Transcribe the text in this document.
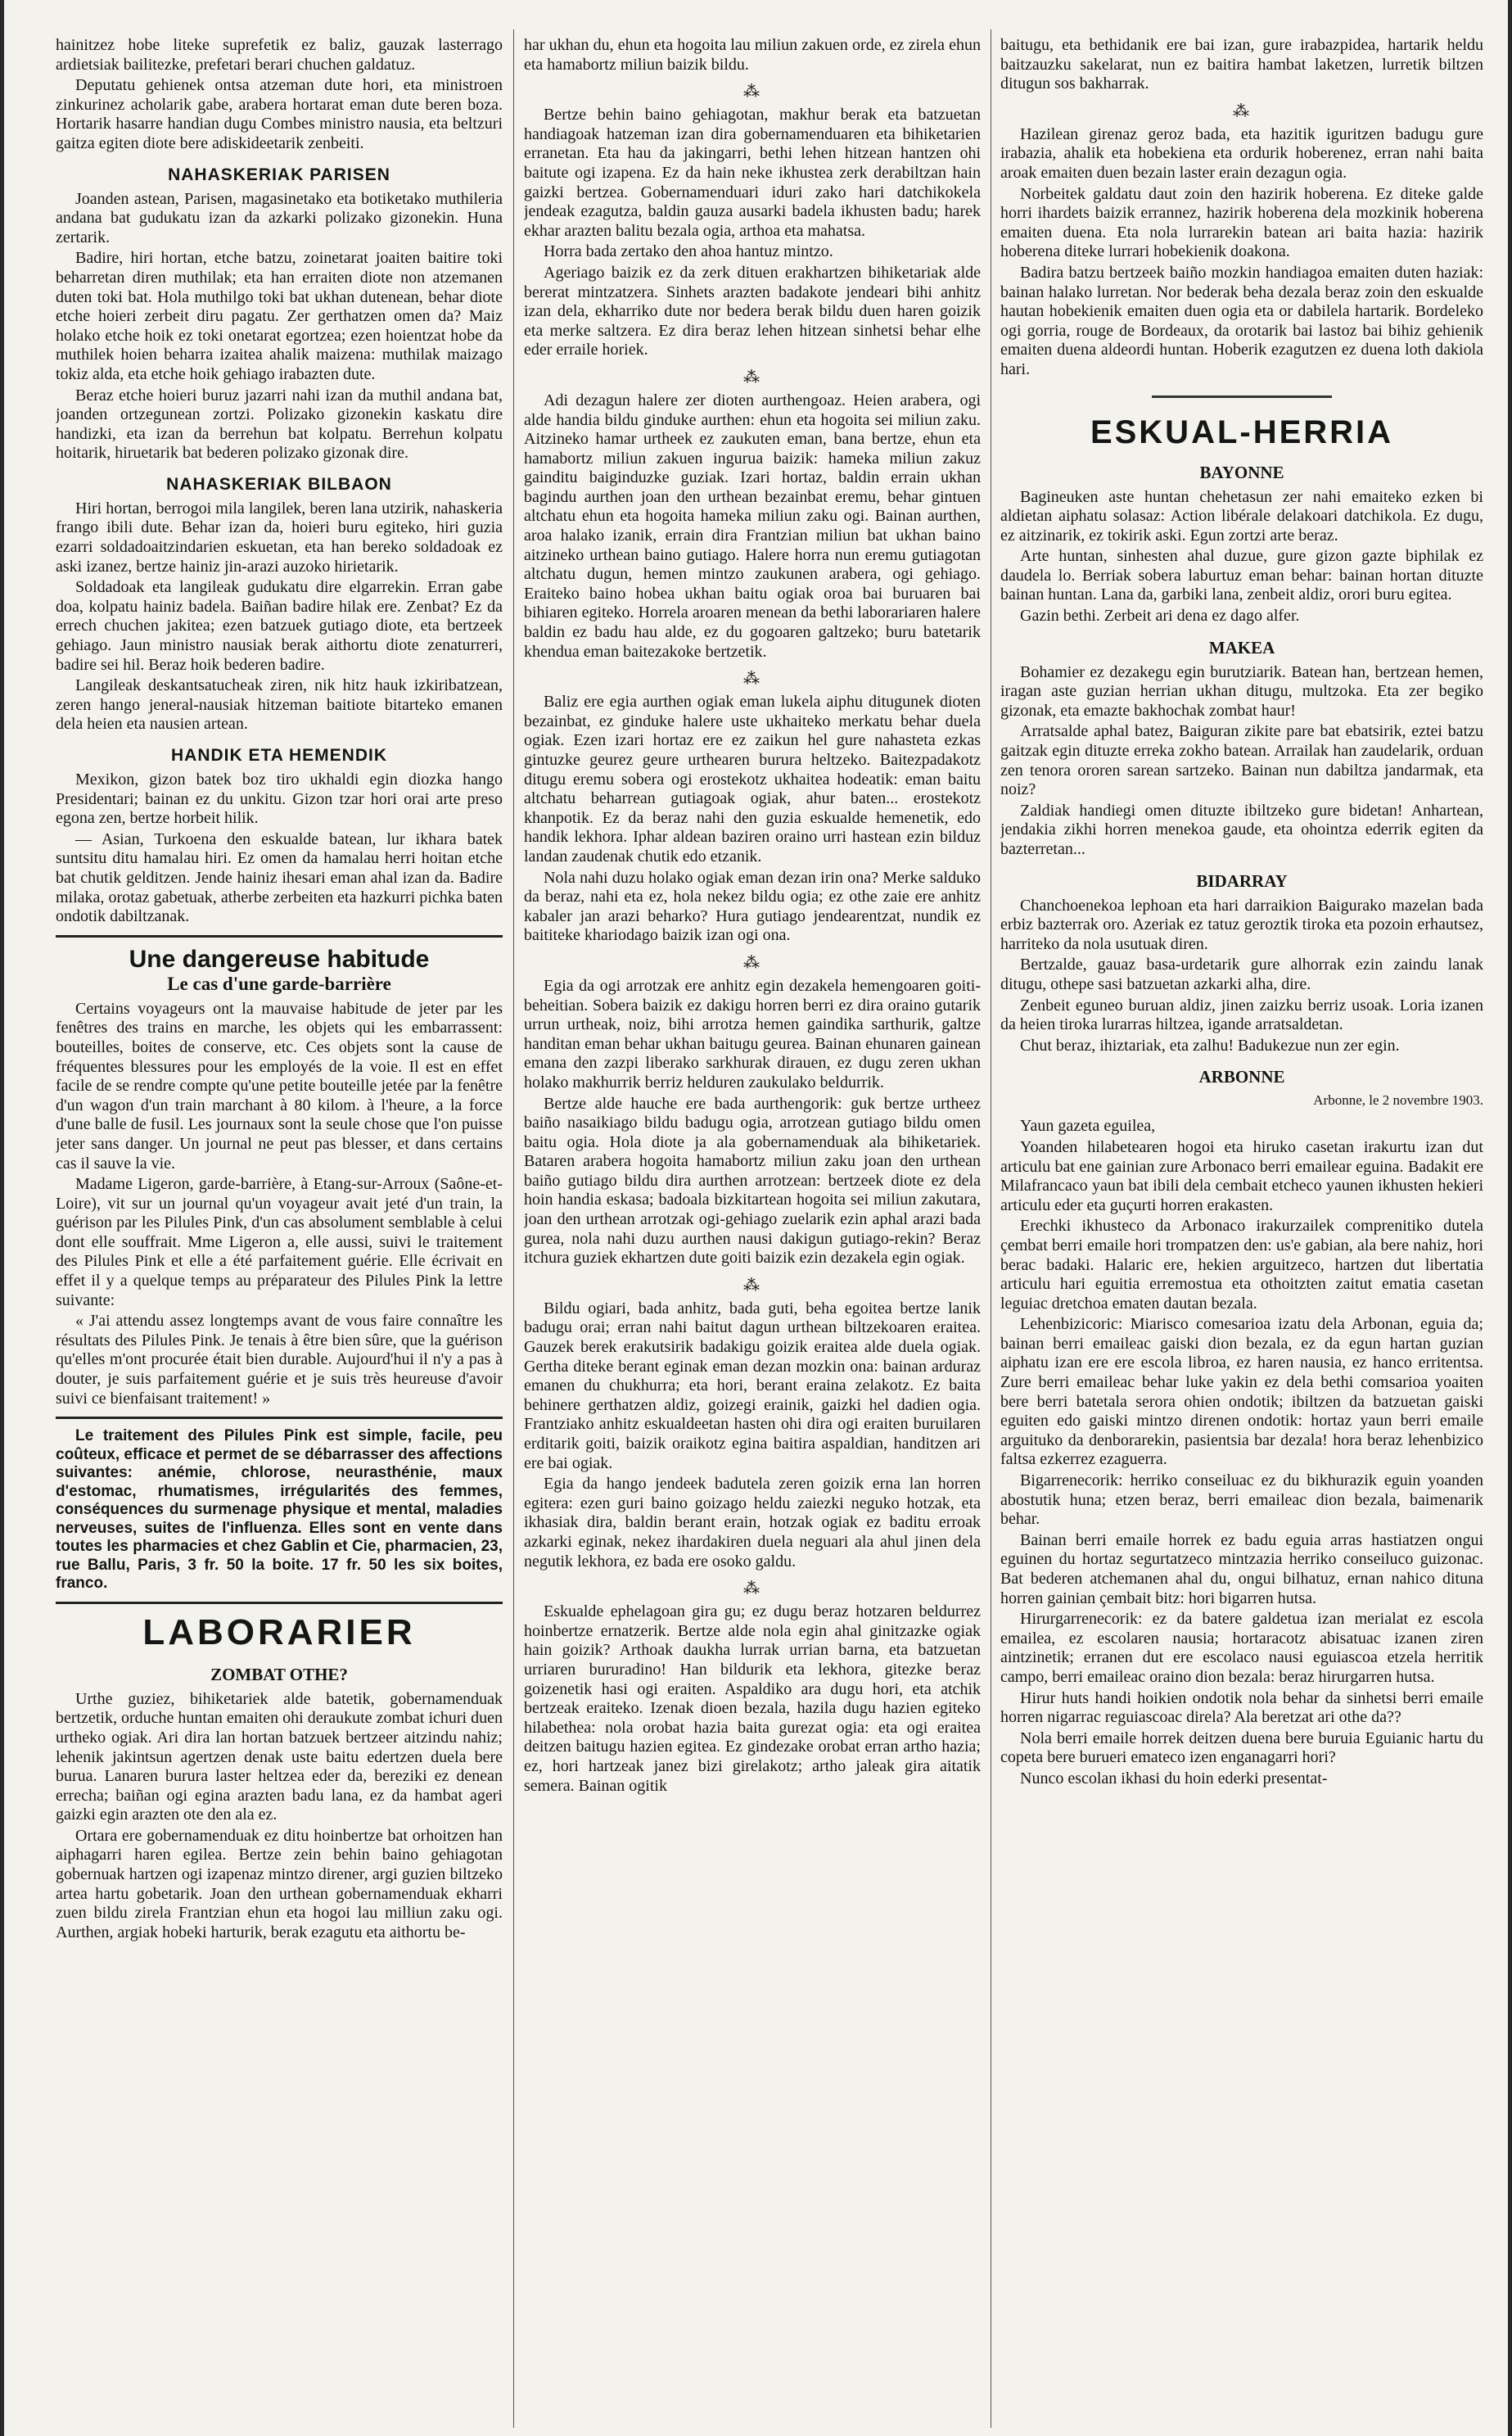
hainitzez hobe liteke suprefetik ez baliz, gauzak lasterrago ardietsiak bailitezke, prefetari berari chuchen galdatuz.

Deputatu gehienek ontsa atzeman dute hori, eta ministroen zinkurinez acholarik gabe, arabera hortarat eman dute beren boza. Hortarik hasarre handian dugu Combes ministro nausia, eta beltzuri gaitza egiten diote bere adiskideetarik zenbeiti.

NAHASKERIAK PARISEN

Joanden astean, Parisen, magasinetako eta botiketako muthileria andana bat gudukatu izan da azkarki polizako gizonekin. Huna zertarik.

Badire, hiri hortan, etche batzu, zoinetarat joaiten baitire toki beharretan diren muthilak; eta han erraiten diote non atzemanen duten toki bat. Hola muthilgo toki bat ukhan dutenean, behar diote etche hoieri zerbeit diru pagatu. Zer gerthatzen omen da? Maiz holako etche hoik ez toki onetarat egortzea; ezen hoientzat hobe da muthilek hoien beharra izaitea ahalik maizena: muthilak maizago tokiz alda, eta etche hoik gehiago irabazten dute.

Beraz etche hoieri buruz jazarri nahi izan da muthil andana bat, joanden ortzegunean zortzi. Polizako gizonekin kaskatu dire handizki, eta izan da berrehun bat kolpatu. Berrehun kolpatu hoitarik, hiruetarik bat bederen polizako gizonak dire.

NAHASKERIAK BILBAON

Hiri hortan, berrogoi mila langilek, beren lana utzirik, nahaskeria frango ibili dute. Behar izan da, hoieri buru egiteko, hiri guzia ezarri soldadoaitzindarien eskuetan, eta han bereko soldadoak ez aski izanez, bertze hainiz jin-arazi auzoko hirietarik.

Soldadoak eta langileak gudukatu dire elgarrekin. Erran gabe doa, kolpatu hainiz badela. Baiñan badire hilak ere. Zenbat? Ez da errech chuchen jakitea; ezen batzuek gutiago diote, eta bertzeek gehiago. Jaun ministro nausiak berak aithortu diote zenaturreri, badire sei hil. Beraz hoik bederen badire.

Langileak deskantsatucheak ziren, nik hitz hauk izkiribatzean, zeren hango jeneral-nausiak hitzeman baitiote bitarteko emanen dela heien eta nausien artean.

HANDIK ETA HEMENDIK

Mexikon, gizon batek boz tiro ukhaldi egin diozka hango Presidentari; bainan ez du unkitu. Gizon tzar hori orai arte preso egona zen, bertze horbeit hilik.

— Asian, Turkoena den eskualde batean, lur ikhara batek suntsitu ditu hamalau hiri. Ez omen da hamalau herri hoitan etche bat chutik gelditzen. Jende hainiz ihesari eman ahal izan da. Badire milaka, orotaz gabetuak, atherbe zerbeiten eta hazkurri pichka baten ondotik dabiltzanak.

Une dangereuse habitude
Le cas d'une garde-barrière

Certains voyageurs ont la mauvaise habitude de jeter par les fenêtres des trains en marche, les objets qui les embarrassent: bouteilles, boites de conserve, etc. Ces objets sont la cause de fréquentes blessures pour les employés de la voie. Il est en effet facile de se rendre compte qu'une petite bouteille jetée par la fenêtre d'un wagon d'un train marchant à 80 kilom. à l'heure, a la force d'une balle de fusil. Les journaux sont la seule chose que l'on puisse jeter sans danger. Un journal ne peut pas blesser, et dans certains cas il sauve la vie.

Madame Ligeron, garde-barrière, à Etang-sur-Arroux (Saône-et-Loire), vit sur un journal qu'un voyageur avait jeté d'un train, la guérison par les Pilules Pink, d'un cas absolument semblable à celui dont elle souffrait. Mme Ligeron a, elle aussi, suivi le traitement des Pilules Pink et elle a été parfaitement guérie. Elle écrivait en effet il y a quelque temps au préparateur des Pilules Pink la lettre suivante:

« J'ai attendu assez longtemps avant de vous faire connaître les résultats des Pilules Pink. Je tenais à être bien sûre, que la guérison qu'elles m'ont procurée était bien durable. Aujourd'hui il n'y a pas à douter, je suis parfaitement guérie et je suis très heureuse d'avoir suivi ce bienfaisant traitement! »

Le traitement des Pilules Pink est simple, facile, peu coûteux, efficace et permet de se débarrasser des affections suivantes: anémie, chlorose, neurasthénie, maux d'estomac, rhumatismes, irrégularités des femmes, conséquences du surmenage physique et mental, maladies nerveuses, suites de l'influenza. Elles sont en vente dans toutes les pharmacies et chez Gablin et Cie, pharmacien, 23, rue Ballu, Paris, 3 fr. 50 la boite. 17 fr. 50 les six boites, franco.

LABORARIER
ZOMBAT OTHE?

Urthe guziez, bihiketariek alde batetik, gobernamenduak bertzetik, orduche huntan emaiten ohi deraukute zombat ichuri duen urtheko ogiak. Ari dira lan hortan batzuek bertzeer aitzindu nahiz; lehenik jakintsun agertzen denak uste baitu edertzen duela bere burua. Lanaren burura laster heltzea eder da, bereziki ez denean errecha; baiñan ogi egina arazten badu lana, ez da hambat ageri gaizki egin arazten ote den ala ez.

Ortara ere gobernamenduak ez ditu hoinbertze bat orhoitzen han aiphagarri haren egilea. Bertze zein behin baino gehiagotan gobernuak hartzen ogi izapenaz mintzo direner, argi guzien biltzeko artea hartu gobetarik. Joan den urthean gobernamenduak ekharri zuen bildu zirela Frantzian ehun eta hogoi lau milliun zaku ogi. Aurthen, argiak hobeki harturik, berak ezagutu eta aithortu be-

har ukhan du, ehun eta hogoita lau miliun zakuen orde, ez zirela ehun eta hamabortz miliun baizik bildu.

⁂

Bertze behin baino gehiagotan, makhur berak eta batzuetan handiagoak hatzeman izan dira gobernamenduaren eta bihiketarien erranetan. Eta hau da jakingarri, bethi lehen hitzean hantzen ohi baitute ogi izapena. Ez da hain neke ikhustea zerk derabiltzan hain gaizki bertzea. Gobernamenduari iduri zako hari datchikokela jendeak ezagutza, baldin gauza ausarki badela ikhusten badu; harek ekhar arazten balitu bezala ogia, arthoa eta mahatsa.

Horra bada zertako den ahoa hantuz mintzo.

Ageriago baizik ez da zerk dituen erakhartzen bihiketariak alde bererat mintzatzera. Sinhets arazten badakote jendeari bihi anhitz izan dela, ekharriko dute nor bedera berak bildu duen haren goizik eta merke saltzera. Ez dira beraz lehen hitzean sinhetsi behar elhe eder erraile horiek.

⁂

Adi dezagun halere zer dioten aurthengoaz. Heien arabera, ogi alde handia bildu ginduke aurthen: ehun eta hogoita sei miliun zaku. Aitzineko hamar urtheek ez zaukuten eman, bana bertze, ehun eta hamabortz miliun zakuen ingurua baizik: hameka miliun zakuz gainditu baiginduzke guziak. Izari hortaz, baldin errain ukhan bagindu aurthen joan den urthean bezainbat eremu, behar gintuen altchatu ehun eta hogoita hameka miliun zaku ogi. Bainan aurthen, aroa halako izanik, errain dira Frantzian miliun bat ukhan baino aitzineko urthean baino gutiago. Halere horra nun eremu gutiagotan altchatu dugun, hemen mintzo zaukunen arabera, ogi gehiago. Eraiteko baino hobea ukhan baitu ogiak oroa bai buruaren bai bihiaren egiteko. Horrela aroaren menean da bethi laborariaren halere baldin ez badu hau alde, ez du gogoaren galtzeko; buru batetarik khendua eman baitezakoke bertzetik.

⁂

Baliz ere egia aurthen ogiak eman lukela aiphu ditugunek dioten bezainbat, ez ginduke halere uste ukhaiteko merkatu behar duela ogiak. Ezen izari hortaz ere ez zaikun hel gure nahasteta ezkas gintuzke geurez geure urthearen burura heltzeko. Baitezpadakotz ditugu eremu sobera ogi erostekotz ukhaitea hodeatik: eman baitu altchatu beharrean gutiagoak ogiak, ahur baten... erostekotz khanpotik. Ez da beraz nahi den guzia eskualde hemenetik, edo handik lekhora. Iphar aldean baziren oraino urri hastean ezin bilduz landan zaudenak chutik edo etzanik.

Nola nahi duzu holako ogiak eman dezan irin ona? Merke salduko da beraz, nahi eta ez, hola nekez bildu ogia; ez othe zaie ere anhitz kabaler jan arazi beharko? Hura gutiago jendearentzat, nundik ez baititeke khariodago baizik izan ogi ona.

⁂

Egia da ogi arrotzak ere anhitz egin dezakela hemengoaren goiti-beheitian. Sobera baizik ez dakigu horren berri ez dira oraino gutarik urrun urtheak, noiz, bihi arrotza hemen gaindika sarthurik, galtze handitan eman behar ukhan baitugu geurea. Bainan ehunaren gainean emana den zazpi liberako sarkhurak dirauen, ez dugu zeren ukhan holako makhurrik berriz helduren zaukulako beldurrik.

Bertze alde hauche ere bada aurthengorik: guk bertze urtheez baiño nasaikiago bildu badugu ogia, arrotzean gutiago bildu omen baitu ogia. Hola diote ja ala gobernamenduak ala bihiketariek. Bataren arabera hogoita hamabortz miliun zaku joan den urthean baiño gutiago bildu dira aurthen arrotzean: bertzeek diote ez dela hoin handia eskasa; badoala bizkitartean hogoita sei miliun zakutara, joan den urthean arrotzak ogi-gehiago zuelarik ezin aphal arazi bada gurea, nola nahi duzu aurthen nausi dakigun gutiago-rekin? Beraz itchura guziek ekhartzen dute goiti baizik ezin dezakela egin ogiak.

⁂

Bildu ogiari, bada anhitz, bada guti, beha egoitea bertze lanik badugu orai; erran nahi baitut dagun urthean biltzekoaren eraitea. Gauzek berek erakutsirik badakigu goizik eraitea alde duela ogiak. Gertha diteke berant eginak eman dezan mozkin ona: bainan arduraz emanen du chukhurra; eta hori, berant eraina zelakotz. Ez baita behinere gerthatzen aldiz, goizegi erainik, gaizki hel dadien ogia. Frantziako anhitz eskualdeetan hasten ohi dira ogi eraiten buruilaren erditarik goiti, baizik oraikotz egina baitira aspaldian, handitzen ari ere bai ogiak.

Egia da hango jendeek badutela zeren goizik erna lan horren egitera: ezen guri baino goizago heldu zaiezki neguko hotzak, eta ikhasiak dira, baldin berant erain, hotzak ogiak ez baditu erroak azkarki eginak, nekez ihardakiren duela neguari ala ahul jinen dela negutik lekhora, ez bada ere osoko galdu.

⁂

Eskualde ephelagoan gira gu; ez dugu beraz hotzaren beldurrez hoinbertze ernatzerik. Bertze alde nola egin ahal ginitzazke ogiak hain goizik? Arthoak daukha lurrak urrian barna, eta batzuetan urriaren bururadino! Han bildurik eta lekhora, gitezke beraz goizenetik hasi ogi eraiten. Aspaldiko ara dugu hori, eta atchik bertzeak eraiteko. Izenak dioen bezala, hazila dugu hazien egiteko hilabethea: nola orobat hazia baita gurezat ogia: eta ogi eraitea deitzen baitugu hazien egitea. Ez gindezake orobat erran artho hazia; ez, hori hartzeak janez bizi girelakotz; artho jaleak gira aitatik semera. Bainan ogitik

baitugu, eta bethidanik ere bai izan, gure irabazpidea, hartarik heldu baitzauzku sakelarat, nun ez baitira hambat laketzen, lurretik biltzen ditugun sos bakharrak.

⁂

Hazilean girenaz geroz bada, eta hazitik iguritzen badugu gure irabazia, ahalik eta hobekiena eta ordurik hoberenez, erran nahi baita aroak emaiten duen bezain laster erain dezagun ogia.

Norbeitek galdatu daut zoin den hazirik hoberena. Ez diteke galde horri ihardets baizik errannez, hazirik hoberena dela mozkinik hoberena emaiten duena. Eta nola lurrarekin batean ari baita hazia: hazirik hoberena diteke lurrari hobekienik doakona.

Badira batzu bertzeek baiño mozkin handiagoa emaiten duten haziak: bainan halako lurretan. Nor bederak beha dezala beraz zoin den eskualde hautan hobekienik emaiten duen ogia eta or dabilela hartarik. Bordeleko ogi gorria, rouge de Bordeaux, da orotarik bai lastoz bai bihiz gehienik emaiten duena aldeordi huntan. Hoberik ezagutzen ez duena loth dakiola hari.

ESKUAL-HERRIA
BAYONNE

Bagineuken aste huntan chehetasun zer nahi emaiteko ezken bi aldietan aiphatu solasaz: Action libérale delakoari datchikola. Ez dugu, ez aitzinarik, ez tokirik aski. Egun zortzi arte beraz.

Arte huntan, sinhesten ahal duzue, gure gizon gazte biphilak ez daudela lo. Berriak sobera laburtuz eman behar: bainan hortan dituzte bainan huntan. Lana da, garbiki lana, zenbeit aldiz, orori buru egitea.

Gazin bethi. Zerbeit ari dena ez dago alfer.

MAKEA

Bohamier ez dezakegu egin burutziarik. Batean han, bertzean hemen, iragan aste guzian herrian ukhan ditugu, multzoka. Eta zer begiko gizonak, eta emazte bakhochak zombat haur!

Arratsalde aphal batez, Baiguran zikite pare bat ebatsirik, eztei batzu gaitzak egin dituzte erreka zokho batean. Arrailak han zaudelarik, orduan zen tenora ororen sarean sartzeko. Bainan nun dabiltza jandarmak, eta noiz?

Zaldiak handiegi omen dituzte ibiltzeko gure bidetan! Anhartean, jendakia zikhi horren menekoa gaude, eta ohointza ederrik egiten da bazterretan...

BIDARRAY

Chanchoenekoa lephoan eta hari darraikion Baigurako mazelan bada erbiz bazterrak oro. Azeriak ez tatuz geroztik tiroka eta pozoin erhautsez, harriteko da nola usutuak diren.

Bertzalde, gauaz basa-urdetarik gure alhorrak ezin zaindu lanak ditugu, othepe sasi batzuetan azkarki alha, dire.

Zenbeit eguneo buruan aldiz, jinen zaizku berriz usoak. Loria izanen da heien tiroka lurarras hiltzea, igande arratsaldetan.

Chut beraz, ihiztariak, eta zalhu! Badukezue nun zer egin.

ARBONNE
Arbonne, le 2 novembre 1903.

Yaun gazeta eguilea,

Yoanden hilabetearen hogoi eta hiruko casetan irakurtu izan dut articulu bat ene gainian zure Arbonaco berri emailear eguina. Badakit ere Milafrancaco yaun bat ibili dela cembait etcheco yaunen ikhusten hekieri articulu eder eta guçurti horren erakasten.

Erechki ikhusteco da Arbonaco irakurzailek comprenitiko dutela çembat berri emaile hori trompatzen den: us'e gabian, ala bere nahiz, hori berac badaki. Halaric ere, hekien arguitzeco, hartzen dut libertatia articulu hari eguitia erremostua eta othoitzten zaitut ematia casetan leguiac dretchoa ematen dautan bezala.

Lehenbizicoric: Miarisco comesarioa izatu dela Arbonan, eguia da; bainan berri emaileac gaiski dion bezala, ez da egun hartan guzian aiphatu izan ere ere escola libroa, ez haren nausia, ez hanco erritentsa. Zure berri emaileac behar luke yakin ez dela bethi comsarioa yoaiten bere berri batetala serora ohien ondotik; ibiltzen da batzuetan gaiski eguiten edo gaiski mintzo direnen ondotik: hortaz yaun berri emaile arguituko da denborarekin, pasientsia bar dezala! hora beraz lehenbizico faltsa ezkerrez ezaguerra.

Bigarrenecorik: herriko conseiluac ez du bikhurazik eguin yoanden abostutik huna; etzen beraz, berri emaileac dion bezala, baimenarik behar.

Bainan berri emaile horrek ez badu eguia arras hastiatzen ongui eguinen du hortaz segurtatzeco mintzazia herriko conseiluco guizonac. Bat bederen atchemanen ahal du, ongui bilhatuz, ernan nahico dituna horren gainian çembait bitz: hori bigarren hutsa.

Hirurgarrenecorik: ez da batere galdetua izan merialat ez escola emailea, ez escolaren nausia; hortaracotz abisatuac izanen ziren aintzinetik; erranen dut ere escolaco nausi eguiascoa etzela herritik campo, berri emaileac oraino dion bezala: beraz hirurgarren hutsa.

Hirur huts handi hoikien ondotik nola behar da sinhetsi berri emaile horren nigarrac reguiascoac direla? Ala beretzat ari othe da??

Nola berri emaile horrek deitzen duena bere buruia Eguianic hartu du copeta bere burueri emateco izen enganagarri hori?

Nunco escolan ikhasi du hoin ederki presentat-
